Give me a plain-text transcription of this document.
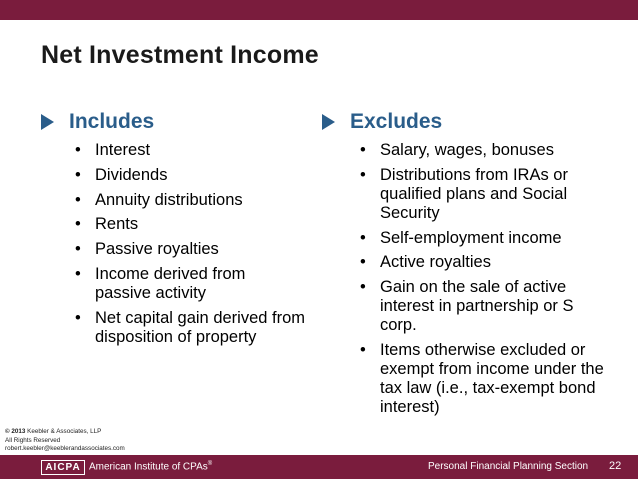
Net Investment Income
Includes
• Interest
• Dividends
• Annuity distributions
• Rents
• Passive royalties
• Income derived from passive activity
• Net capital gain derived from disposition of property
Excludes
• Salary, wages, bonuses
• Distributions from IRAs or qualified plans and Social Security
• Self-employment income
• Active royalties
• Gain on the sale of active interest in partnership or S corp.
• Items otherwise excluded or exempt from income under the tax law (i.e., tax-exempt bond interest)
© 2013 Keebler & Associates, LLP
All Rights Reserved
robert.keebler@keeblerandassociates.com
AICPA American Institute of CPAs®	Personal Financial Planning Section 22
